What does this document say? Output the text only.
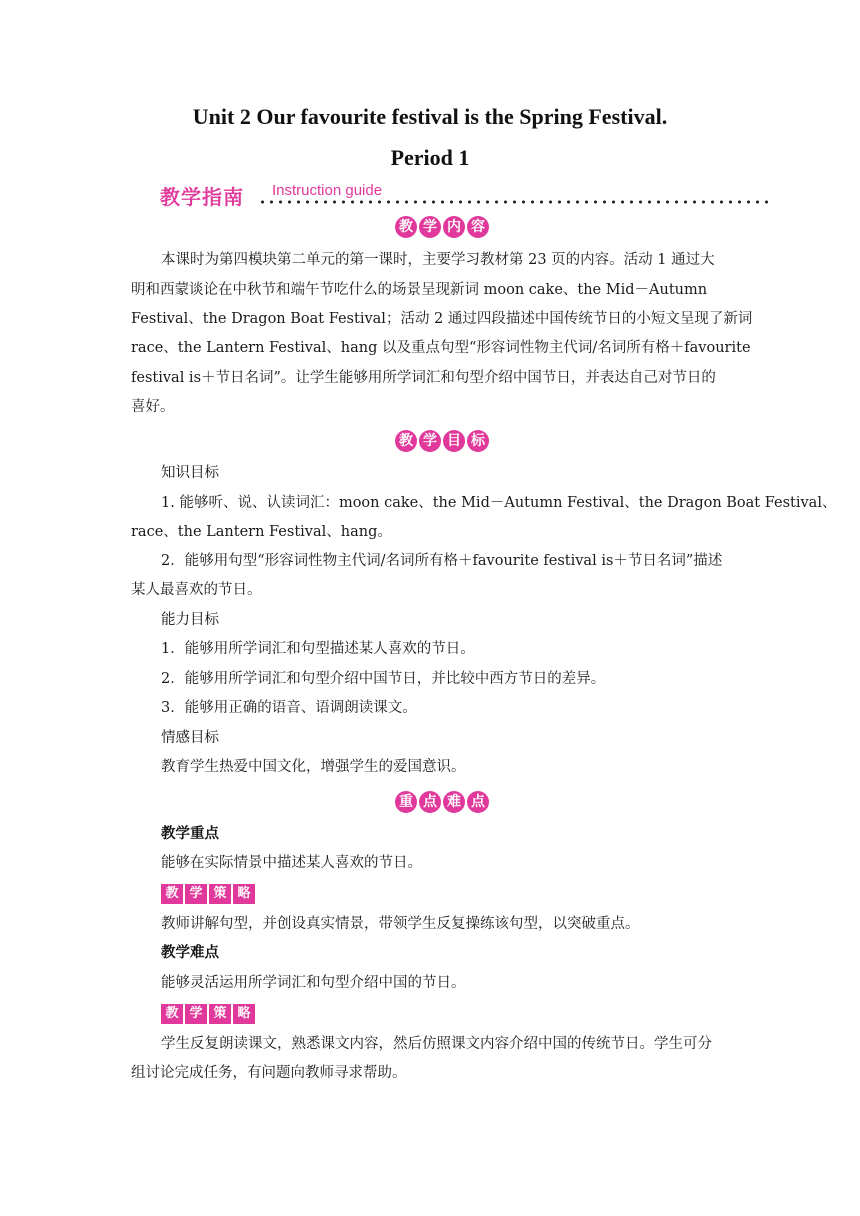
Unit 2 Our favourite festival is the Spring Festival.
Period 1
教学指南 Instruction guide
教 学 内 容
本课时为第四模块第二单元的第一课时，主要学习教材第 23 页的内容。活动 1 通过大
明和西蒙谈论在中秋节和端午节吃什么的场景呈现新词 moon cake、the Mid－Autumn
Festival、the Dragon Boat Festival；活动 2 通过四段描述中国传统节日的小短文呈现了新词
race、the Lantern Festival、hang 以及重点句型“形容词性物主代词/名词所有格＋favourite
festival is＋节日名词”。让学生能够用所学词汇和句型介绍中国节日，并表达自己对节日的
喜好。
教 学 目 标
知识目标
1. 能够听、说、认读词汇：moon cake、the Mid－Autumn Festival、the Dragon Boat Festival、
race、the Lantern Festival、hang。
2．能够用句型“形容词性物主代词/名词所有格＋favourite festival is＋节日名词”描述
某人最喜欢的节日。
能力目标
1．能够用所学词汇和句型描述某人喜欢的节日。
2．能够用所学词汇和句型介绍中国节日，并比较中西方节日的差异。
3．能够用正确的语音、语调朗读课文。
情感目标
教育学生热爱中国文化，增强学生的爱国意识。
重 点 难 点
教学重点
能够在实际情景中描述某人喜欢的节日。
教 学 策 略
教师讲解句型，并创设真实情景，带领学生反复操练该句型，以突破重点。
教学难点
能够灵活运用所学词汇和句型介绍中国的节日。
教 学 策 略
学生反复朗读课文，熟悉课文内容，然后仿照课文内容介绍中国的传统节日。学生可分
组讨论完成任务，有问题向教师寻求帮助。
